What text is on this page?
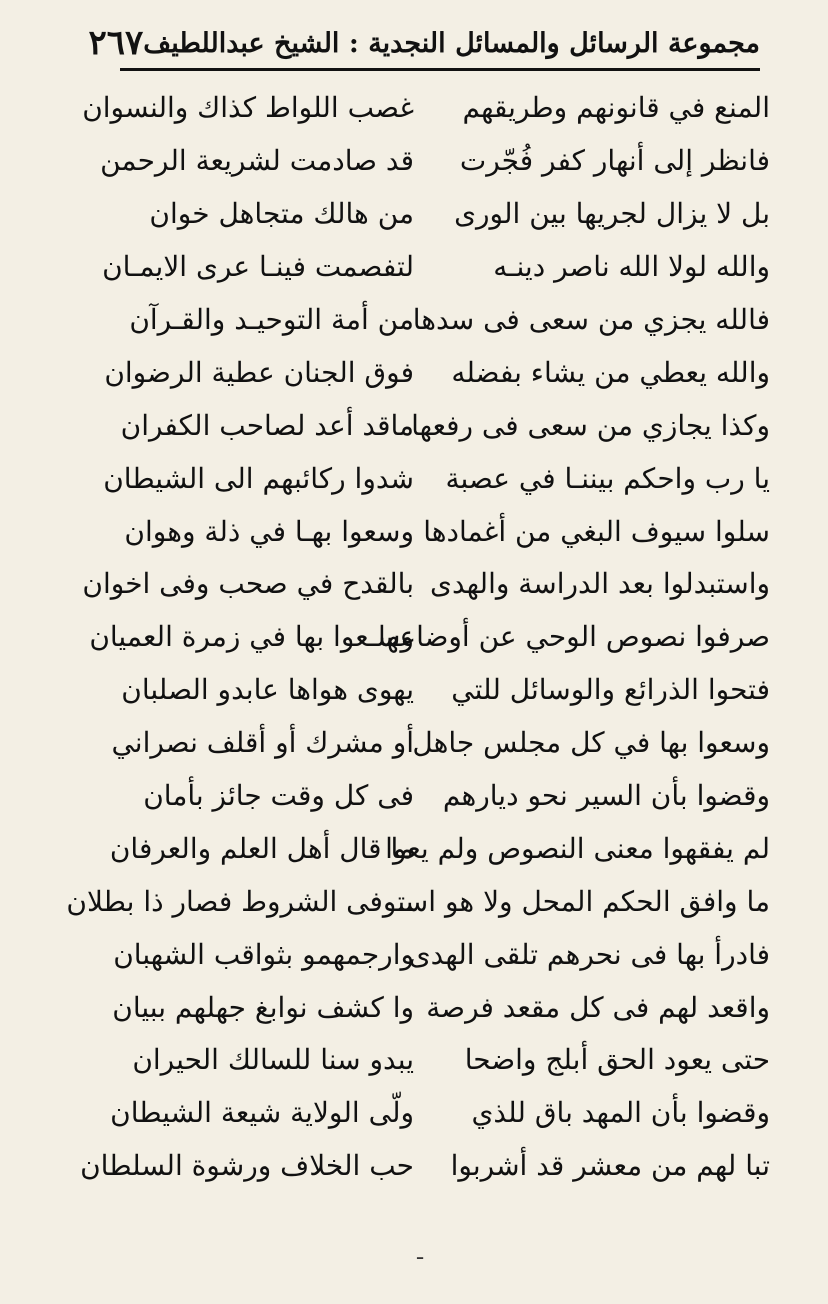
مجموعة الرسائل والمسائل النجدية : الشيخ عبداللطيف
٢٦٧
المنع في قانونهم وطريقهم
غصب اللواط كذاك والنسوان
فانظر إلى أنهار كفر فُجّرت
قد صادمت لشريعة الرحمن
بل لا يزال لجريها بين الورى
من هالك متجاهل خوان
والله لولا الله ناصر دينـه
لتفصمت فينـا عرى الايمـان
فالله يجزي من سعى فى سدها
من أمة التوحيـد والقـرآن
والله يعطي من يشاء بفضله
فوق الجنان عطية الرضوان
وكذا يجازي من سعى فى رفعها
ماقد أعد لصاحب الكفران
يا رب واحكم بيننـا في عصبة
شدوا ركائبهم الى الشيطان
سلوا سيوف البغي من أغمادها
وسعوا بهـا في ذلة وهوان
واستبدلوا بعد الدراسة والهدى
بالقدح في صحب وفى اخوان
صرفوا نصوص الوحي عن أوضاعها
وسـعوا بها في زمرة العميان
فتحوا الذرائع والوسائل للتي
يهوى هواها عابدو الصلبان
وسعوا بها في كل مجلس جاهل
أو مشرك أو أقلف نصراني
وقضوا بأن السير نحو ديارهم
فى كل وقت جائز بأمان
لم يفقهوا معنى النصوص ولم يعوا
ما قال أهل العلم والعرفان
ما وافق الحكم المحل ولا هو اسـ
ـتوفى الشروط فصار ذا بطلان
فادرأ بها فى نحرهم تلقى الهدى
وارجمهمو بثواقب الشهبان
واقعد لهم فى كل مقعد فرصة
وا كشف نوابغ جهلهم ببيان
حتى يعود الحق أبلج واضحا
يبدو سنا للسالك الحيران
وقضوا بأن المهد باق للذي
ولّى الولاية شيعة الشيطان
تبا لهم من معشر قد أشربوا
حب الخلاف ورشوة السلطان
ـ
